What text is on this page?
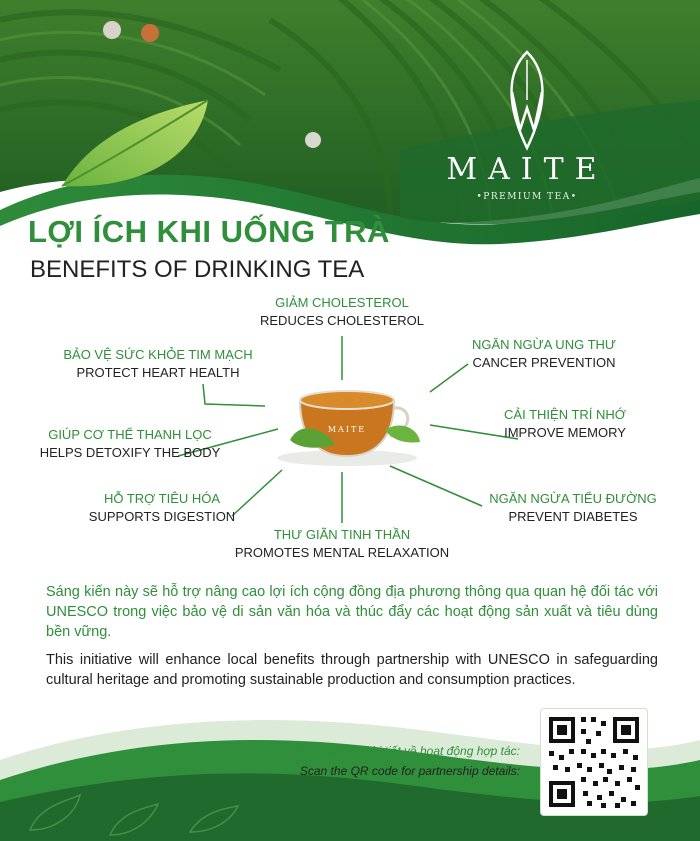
MAITE
•PREMIUM TEA•
LỢI ÍCH KHI UỐNG TRÀ
BENEFITS OF DRINKING TEA
MAITE
GIẢM CHOLESTEROL
REDUCES CHOLESTEROL
BẢO VỆ SỨC KHỎE TIM MẠCH
PROTECT HEART HEALTH
NGĂN NGỪA UNG THƯ
CANCER PREVENTION
GIÚP CƠ THỂ THANH LỌC
HELPS DETOXIFY THE BODY
CẢI THIỆN TRÍ NHỚ
IMPROVE MEMORY
HỖ TRỢ TIÊU HÓA
SUPPORTS DIGESTION
NGĂN NGỪA TIỂU ĐƯỜNG
PREVENT DIABETES
THƯ GIÃN TINH THẦN
PROMOTES MENTAL RELAXATION
Sáng kiến này sẽ hỗ trợ nâng cao lợi ích cộng đồng địa phương thông qua quan hệ đối tác với UNESCO trong việc bảo vệ di sản văn hóa và thúc đẩy các hoạt động sản xuất và tiêu dùng bền vững.
This initiative will enhance local benefits through partnership with UNESCO in safeguarding cultural heritage and promoting sustainable production and consumption practices.
Quét mã QR để biết chi tiết về hoạt động hợp tác:
Scan the QR code for partnership details:
